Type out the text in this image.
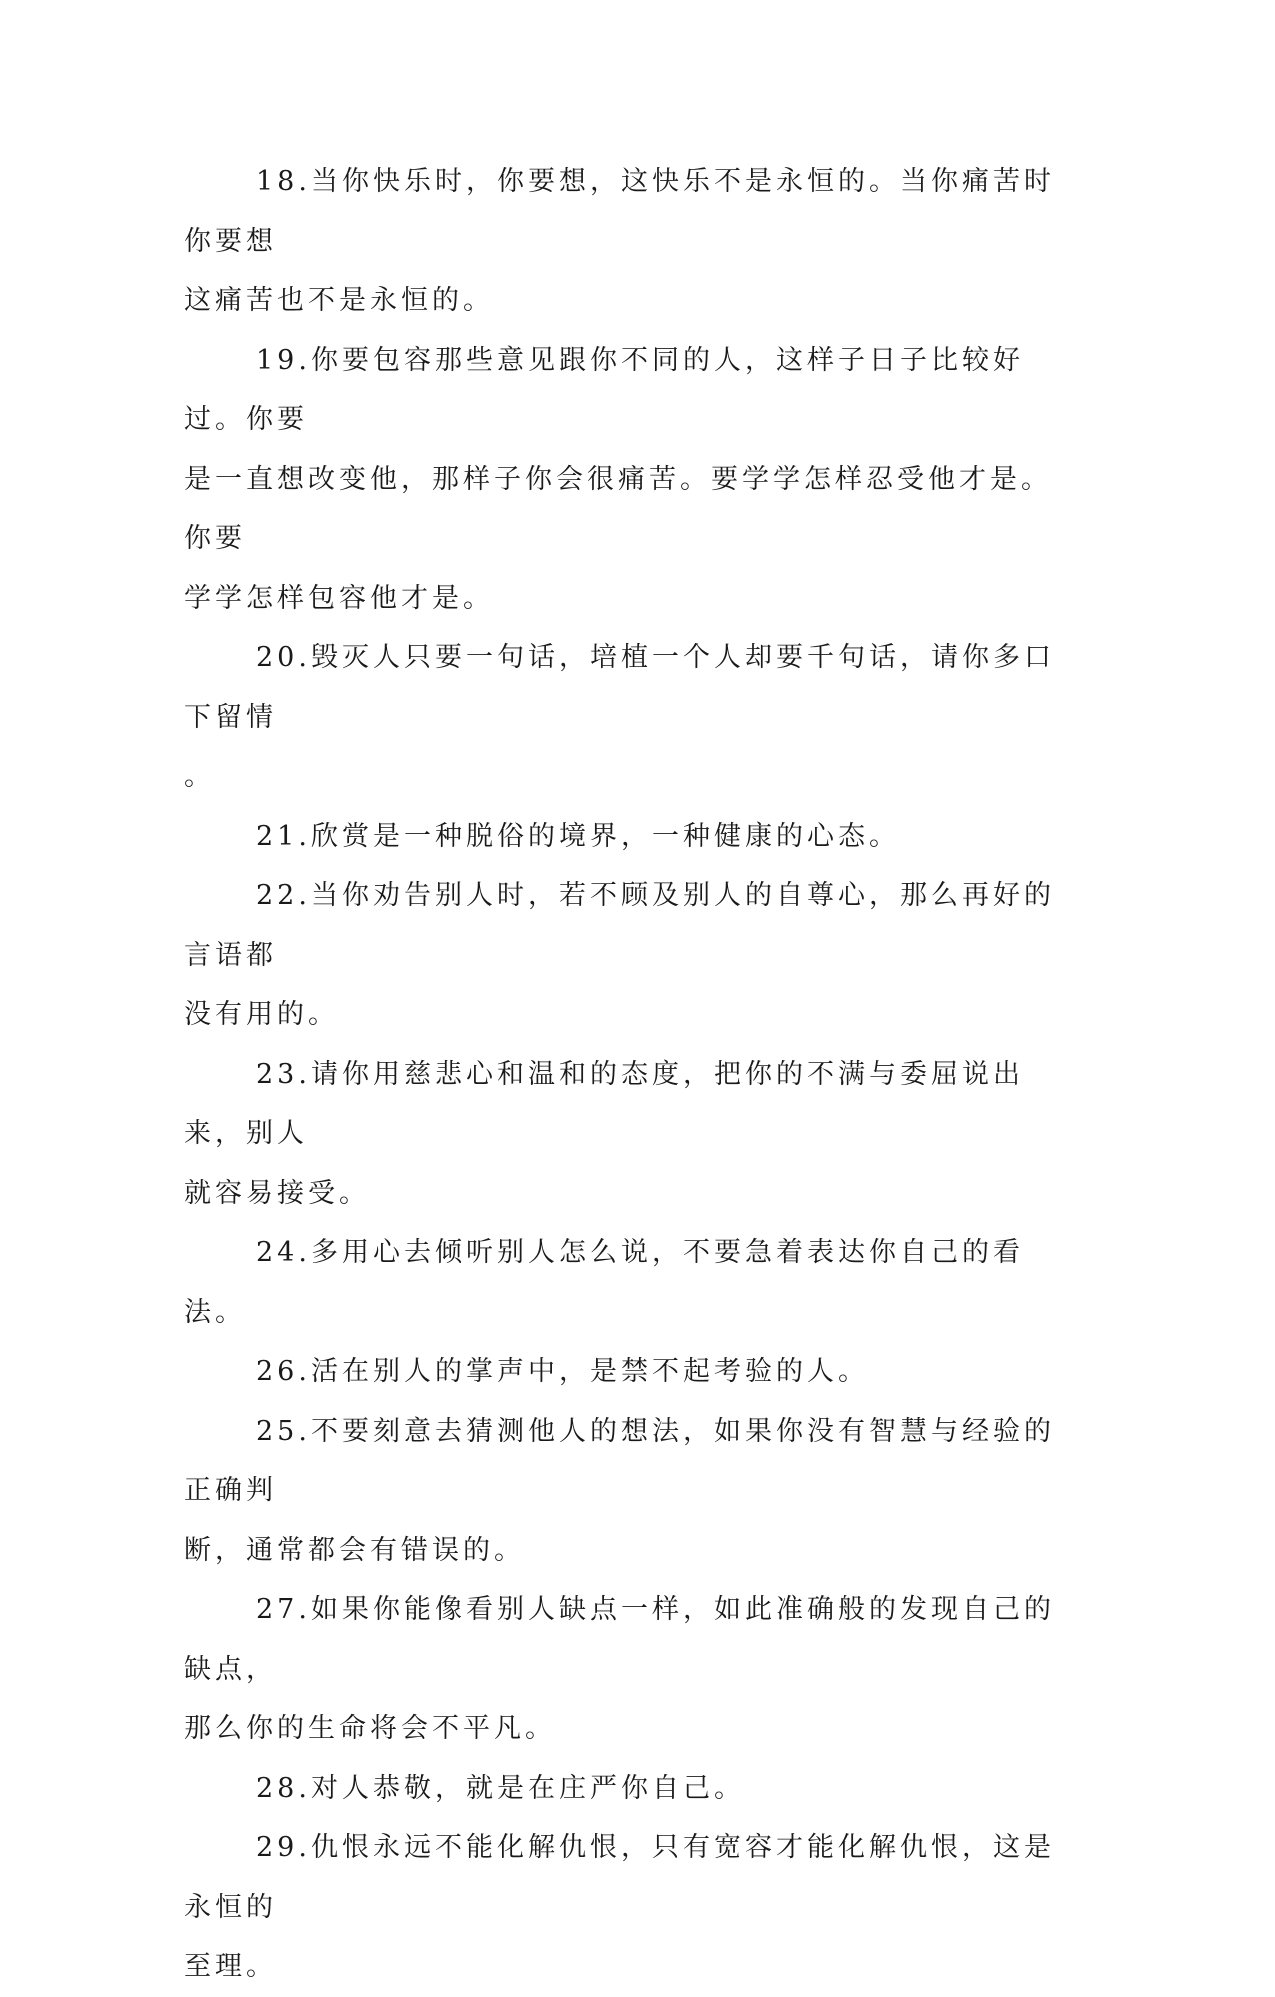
18.当你快乐时，你要想，这快乐不是永恒的。当你痛苦时你要想
这痛苦也不是永恒的。

19.你要包容那些意见跟你不同的人，这样子日子比较好过。你要
是一直想改变他，那样子你会很痛苦。要学学怎样忍受他才是。你要
学学怎样包容他才是。

20.毁灭人只要一句话，培植一个人却要千句话，请你多口下留情
。

21.欣赏是一种脱俗的境界，一种健康的心态。

22.当你劝告别人时，若不顾及别人的自尊心，那么再好的言语都
没有用的。

23.请你用慈悲心和温和的态度，把你的不满与委屈说出来，别人
就容易接受。

24.多用心去倾听别人怎么说，不要急着表达你自己的看法。

26.活在别人的掌声中，是禁不起考验的人。

25.不要刻意去猜测他人的想法，如果你没有智慧与经验的正确判
断，通常都会有错误的。

27.如果你能像看别人缺点一样，如此准确般的发现自己的缺点，
那么你的生命将会不平凡。

28.对人恭敬，就是在庄严你自己。

29.仇恨永远不能化解仇恨，只有宽容才能化解仇恨，这是永恒的
至理。
